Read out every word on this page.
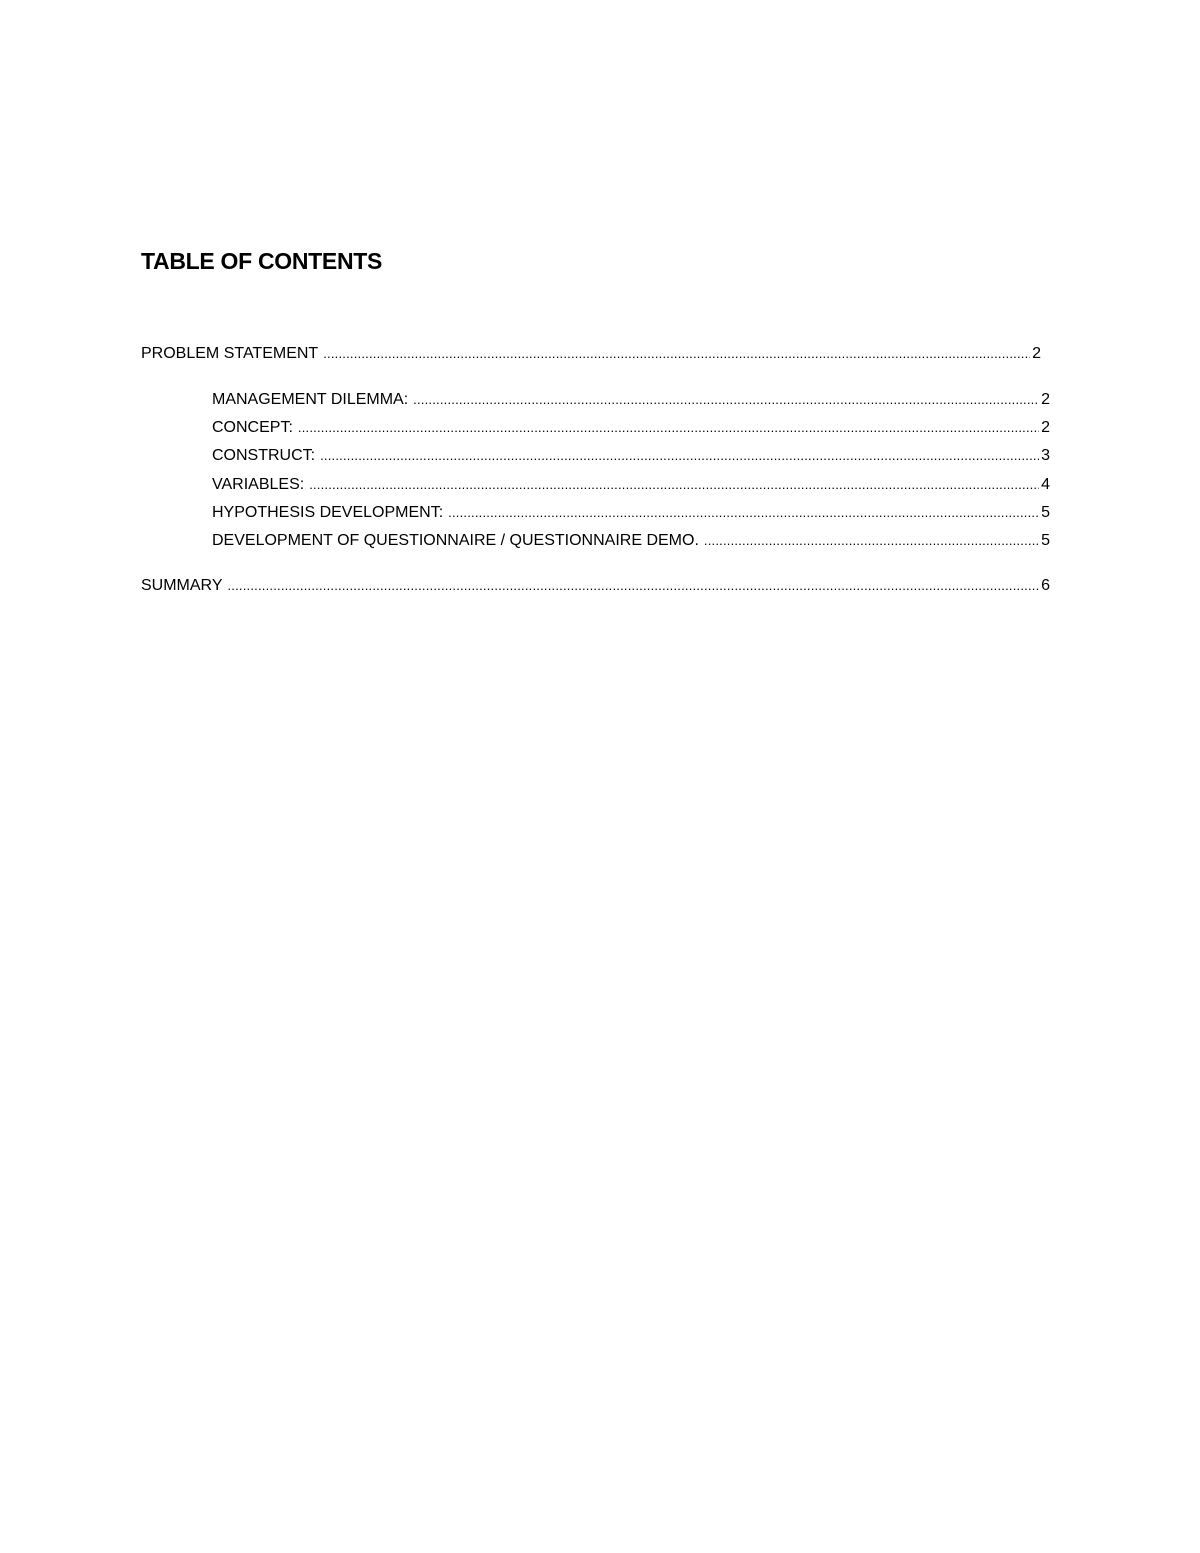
TABLE OF CONTENTS
PROBLEM STATEMENT .....	2
MANAGEMENT DILEMMA: .....	2
CONCEPT: .....	2
CONSTRUCT: .....	3
VARIABLES: .....	4
HYPOTHESIS DEVELOPMENT: .....	5
DEVELOPMENT OF QUESTIONNAIRE / QUESTIONNAIRE DEMO. .....	5
SUMMARY .....	6
